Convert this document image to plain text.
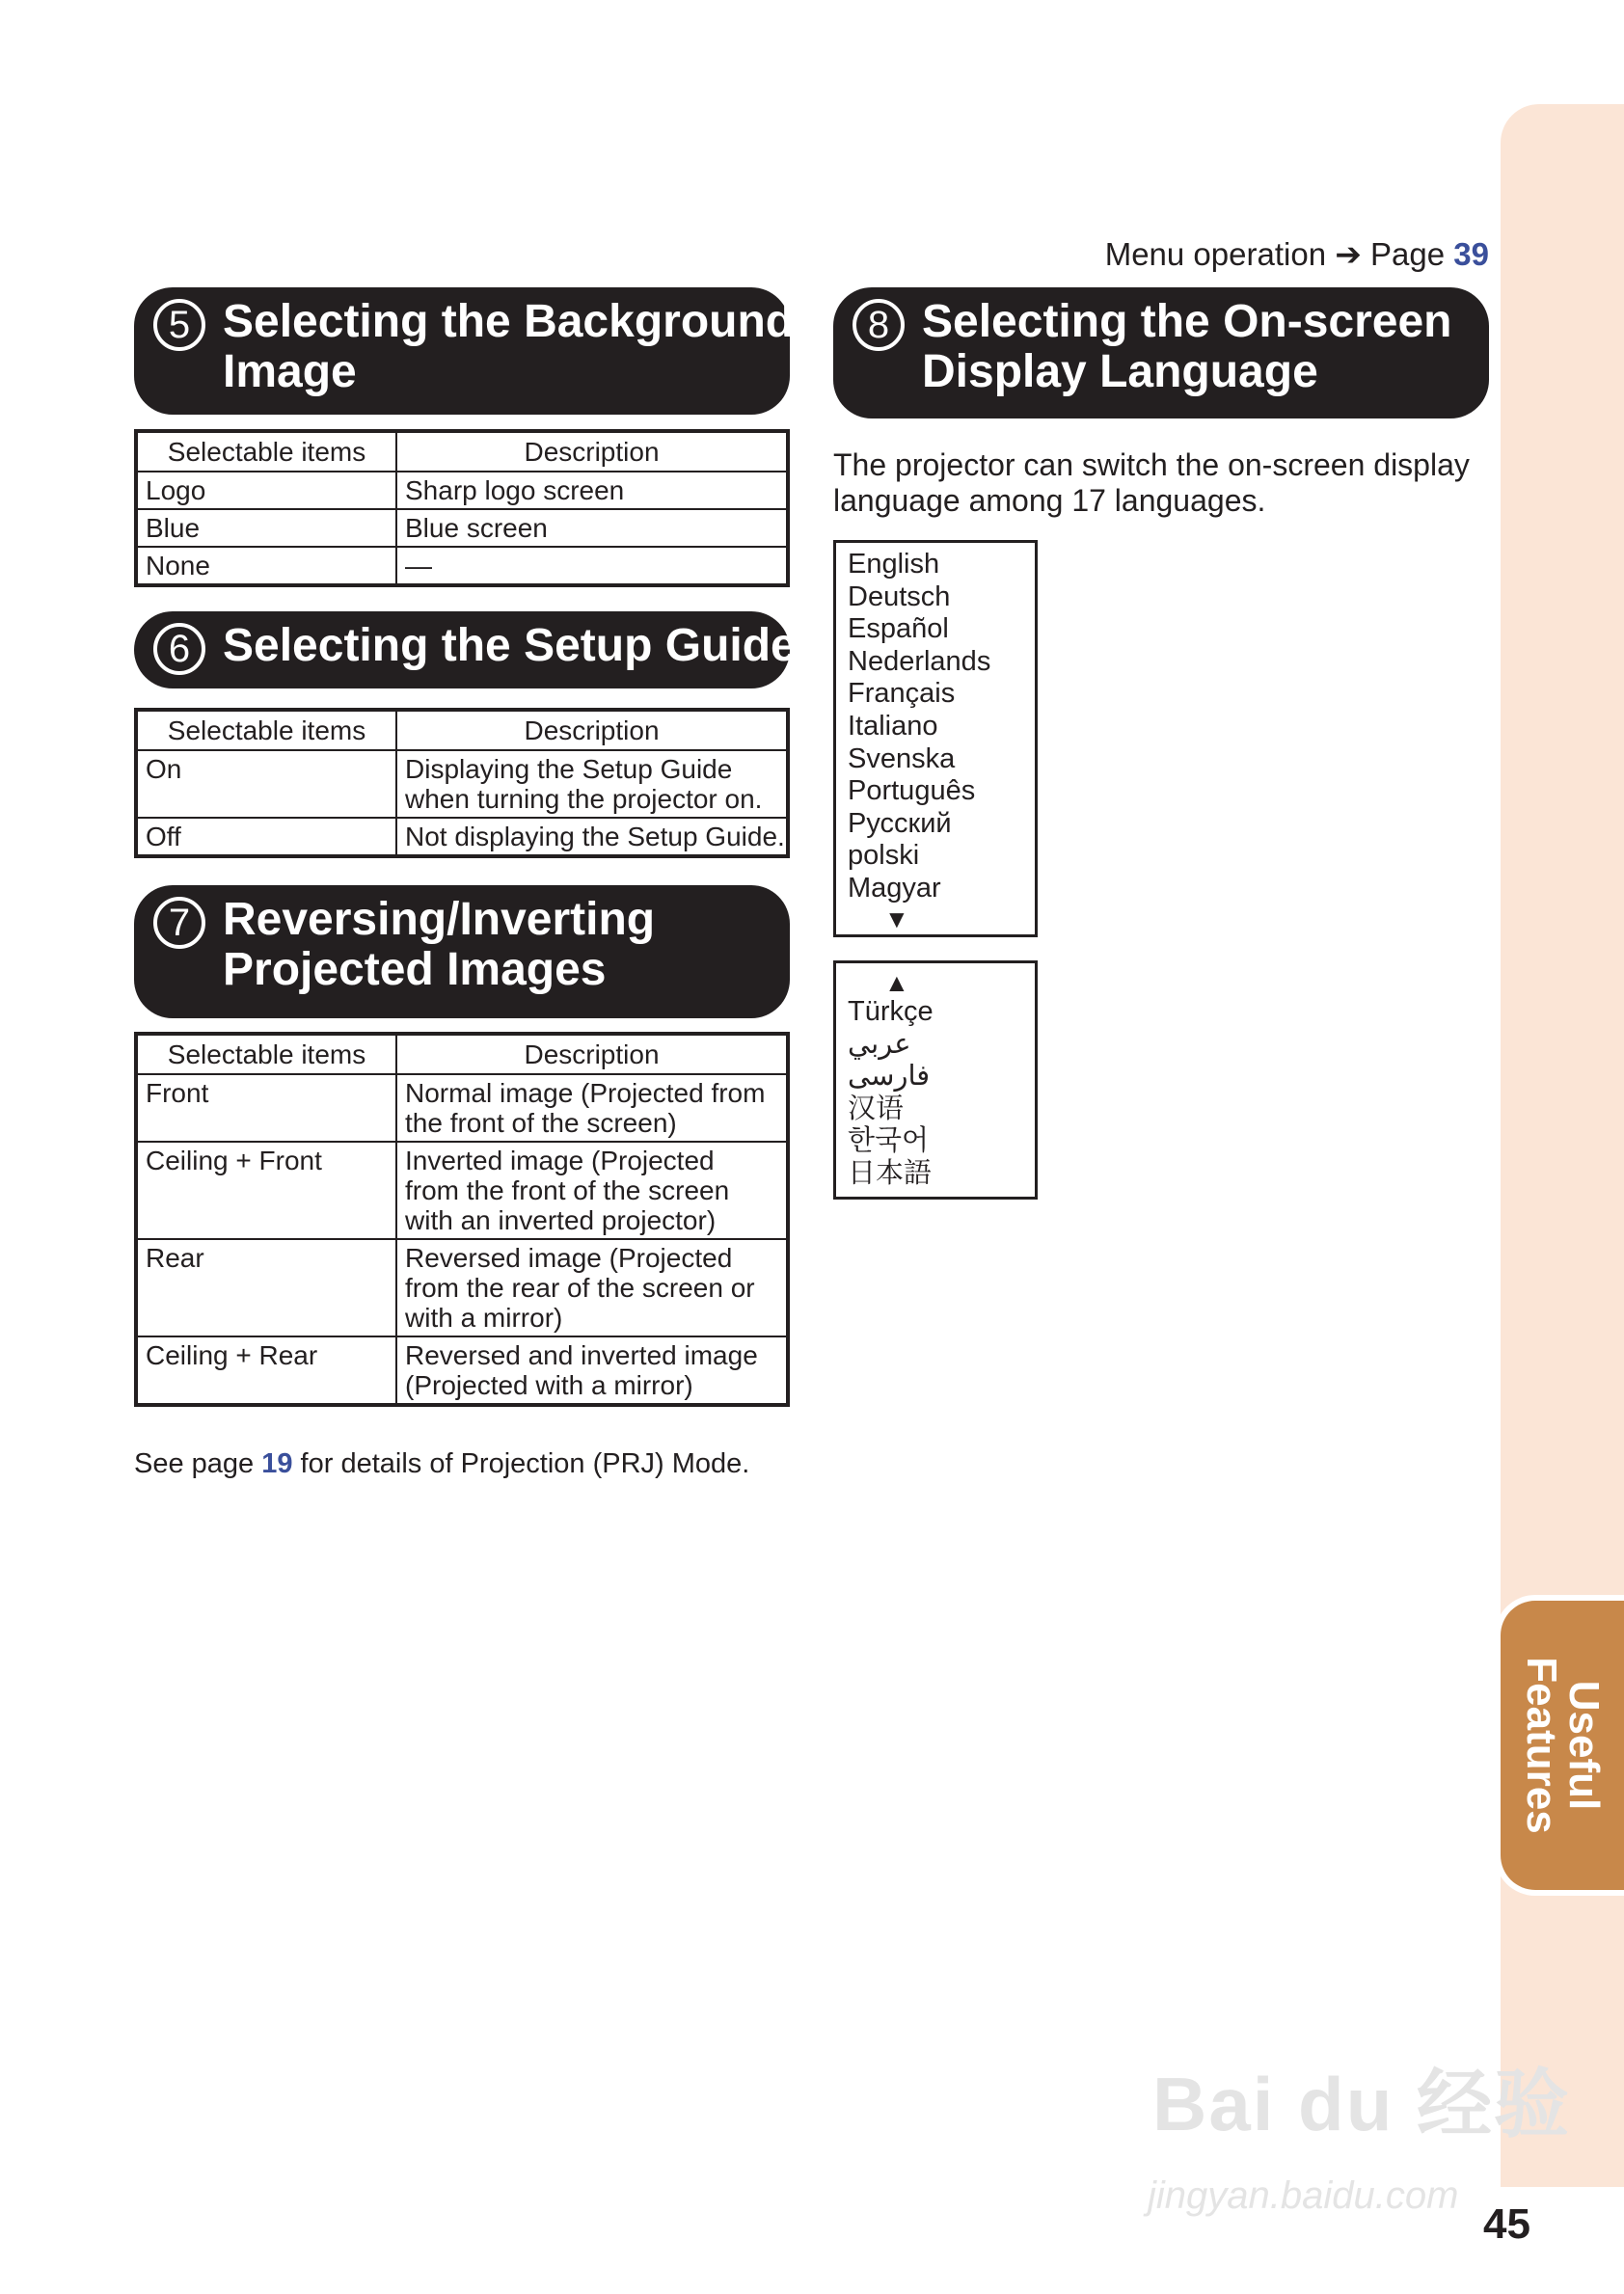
Useful
Features
Menu operation ➔ Page 39
5 Selecting the Background
Image
Selectable items	Description
Logo	Sharp logo screen

Blue	Blue screen

None	—
6 Selecting the Setup Guide
Selectable items	Description
On	Displaying the Setup Guide
when turning the projector on.

Off	Not displaying the Setup Guide.
7 Reversing/Inverting
Projected Images
Selectable items	Description
Front	Normal image (Projected from
the front of the screen)

Ceiling + Front	Inverted image (Projected
from the front of the screen
with an inverted projector)

Rear	Reversed image (Projected
from the rear of the screen or
with a mirror)

Ceiling + Rear	Reversed and inverted image
(Projected with a mirror)
See page 19 for details of Projection (PRJ) Mode.
8 Selecting the On-screen
Display Language
The projector can switch the on-screen display
language among 17 languages.
English
Deutsch
Español
Nederlands
Français
Italiano
Svenska
Português
Русский
polski
Magyar
▼
▲
Türkçe
عربي
فارسی
汉语
한국어
日本語
Bai du 经验
jingyan.baidu.com
45
